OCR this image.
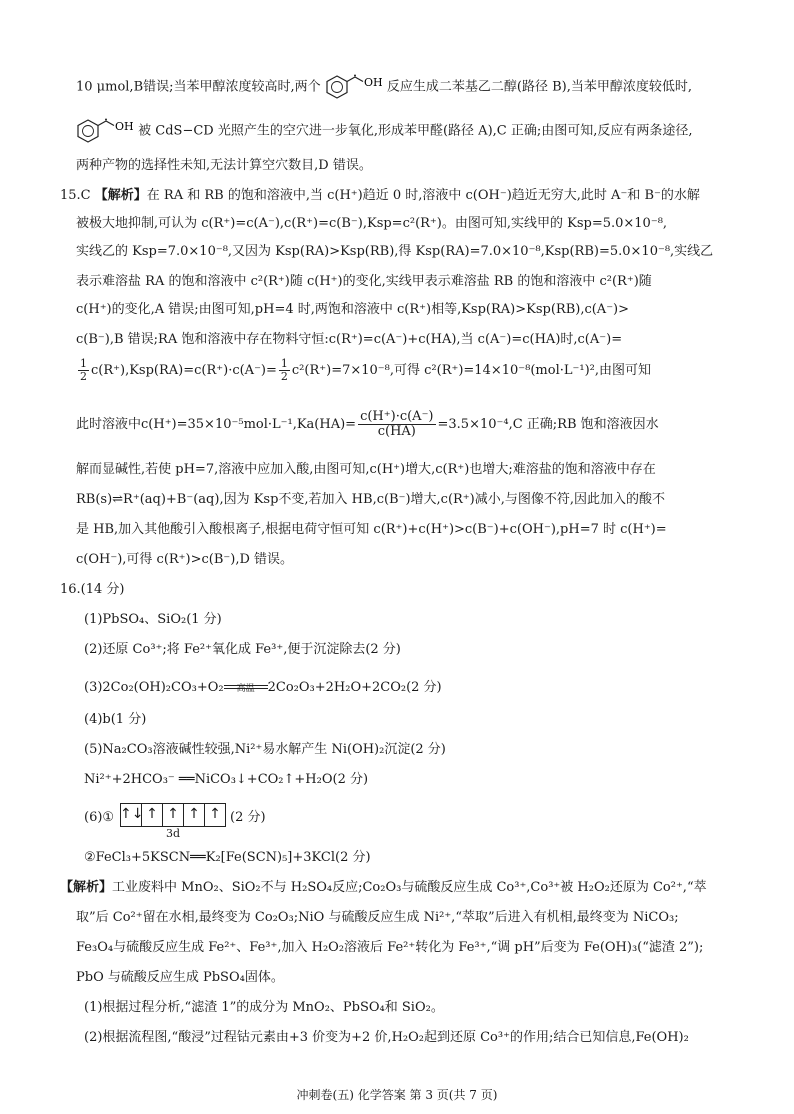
10 μmol,B错误;当苯甲醇浓度较高时,两个	OH 反应生成二苯基乙二醇(路径 B),当苯甲醇浓度较低时,
OH 被 CdS−CD 光照产生的空穴进一步氧化,形成苯甲醛(路径 A),C 正确;由图可知,反应有两条途径,
两种产物的选择性未知,无法计算空穴数目,D 错误。
15.C 【解析】在 RA 和 RB 的饱和溶液中,当 c(H⁺)趋近 0 时,溶液中 c(OH⁻)趋近无穷大,此时 A⁻和 B⁻的水解
被极大地抑制,可认为 c(R⁺)=c(A⁻),c(R⁺)=c(B⁻),Ksp=c²(R⁺)。由图可知,实线甲的 Ksp=5.0×10⁻⁸,
实线乙的 Ksp=7.0×10⁻⁸,又因为 Ksp(RA)>Ksp(RB),得 Ksp(RA)=7.0×10⁻⁸,Ksp(RB)=5.0×10⁻⁸,实线乙
表示难溶盐 RA 的饱和溶液中 c²(R⁺)随 c(H⁺)的变化,实线甲表示难溶盐 RB 的饱和溶液中 c²(R⁺)随
c(H⁺)的变化,A 错误;由图可知,pH=4 时,两饱和溶液中 c(R⁺)相等,Ksp(RA)>Ksp(RB),c(A⁻)>
c(B⁻),B 错误;RA 饱和溶液中存在物料守恒:c(R⁺)=c(A⁻)+c(HA),当 c(A⁻)=c(HA)时,c(A⁻)=
$\frac{1}{2} c(R^+),Ksp(RA)=c(R^+)\cdot c(A^-)= \frac{1}{2} c^2(R^+)=7\times 10^{-8}$,可得 c²(R⁺)=14×10⁻⁸(mol·L⁻¹)²,由图可知
此时溶液中$c(H^+)=35\times 10^{-5}mol\cdot L^{-1},Ka(HA)= \frac{c(H^+)\cdot c(A^-)}{c(HA)} =3.5\times 10^{-4},C$ 正确;RB 饱和溶液因水
解而显碱性,若使 pH=7,溶液中应加入酸,由图可知,c(H⁺)增大,c(R⁺)也增大;难溶盐的饱和溶液中存在
RB(s)⇌R⁺(aq)+B⁻(aq),因为 Ksp不变,若加入 HB,c(B⁻)增大,c(R⁺)减小,与图像不符,因此加入的酸不
是 HB,加入其他酸引入酸根离子,根据电荷守恒可知 c(R⁺)+c(H⁺)>c(B⁻)+c(OH⁻),pH=7 时 c(H⁺)=
c(OH⁻),可得 c(R⁺)>c(B⁻),D 错误。
16.(14 分)
(1)PbSO₄、SiO₂(1 分)
(2)还原 Co³⁺;将 Fe²⁺氧化成 Fe³⁺,便于沉淀除去(2 分)
(3)2Co₂(OH)₂CO₃+O₂	高温	2Co₂O₃+2H₂O+2CO₂(2 分)
(4)b(1 分)
(5)Na₂CO₃溶液碱性较强,Ni²⁺易水解产生 Ni(OH)₂沉淀(2 分)
Ni²⁺+2HCO₃⁻ ══NiCO₃↓+CO₂↑+H₂O(2 分)
(6)① ↑↓ ↑ ↑ ↑ ↑
3d
(2 分)
②FeCl₃+5KSCN══K₂[Fe(SCN)₅]+3KCl(2 分)
【解析】工业废料中 MnO₂、SiO₂不与 H₂SO₄反应;Co₂O₃与硫酸反应生成 Co³⁺,Co³⁺被 H₂O₂还原为 Co²⁺,“萃
取”后 Co²⁺留在水相,最终变为 Co₂O₃;NiO 与硫酸反应生成 Ni²⁺,“萃取”后进入有机相,最终变为 NiCO₃;
Fe₃O₄与硫酸反应生成 Fe²⁺、Fe³⁺,加入 H₂O₂溶液后 Fe²⁺转化为 Fe³⁺,“调 pH”后变为 Fe(OH)₃(“滤渣 2”);
PbO 与硫酸反应生成 PbSO₄固体。
(1)根据过程分析,“滤渣 1”的成分为 MnO₂、PbSO₄和 SiO₂。
(2)根据流程图,“酸浸”过程钴元素由+3 价变为+2 价,H₂O₂起到还原 Co³⁺的作用;结合已知信息,Fe(OH)₂
冲刺卷(五) 化学答案 第 3 页(共 7 页)
